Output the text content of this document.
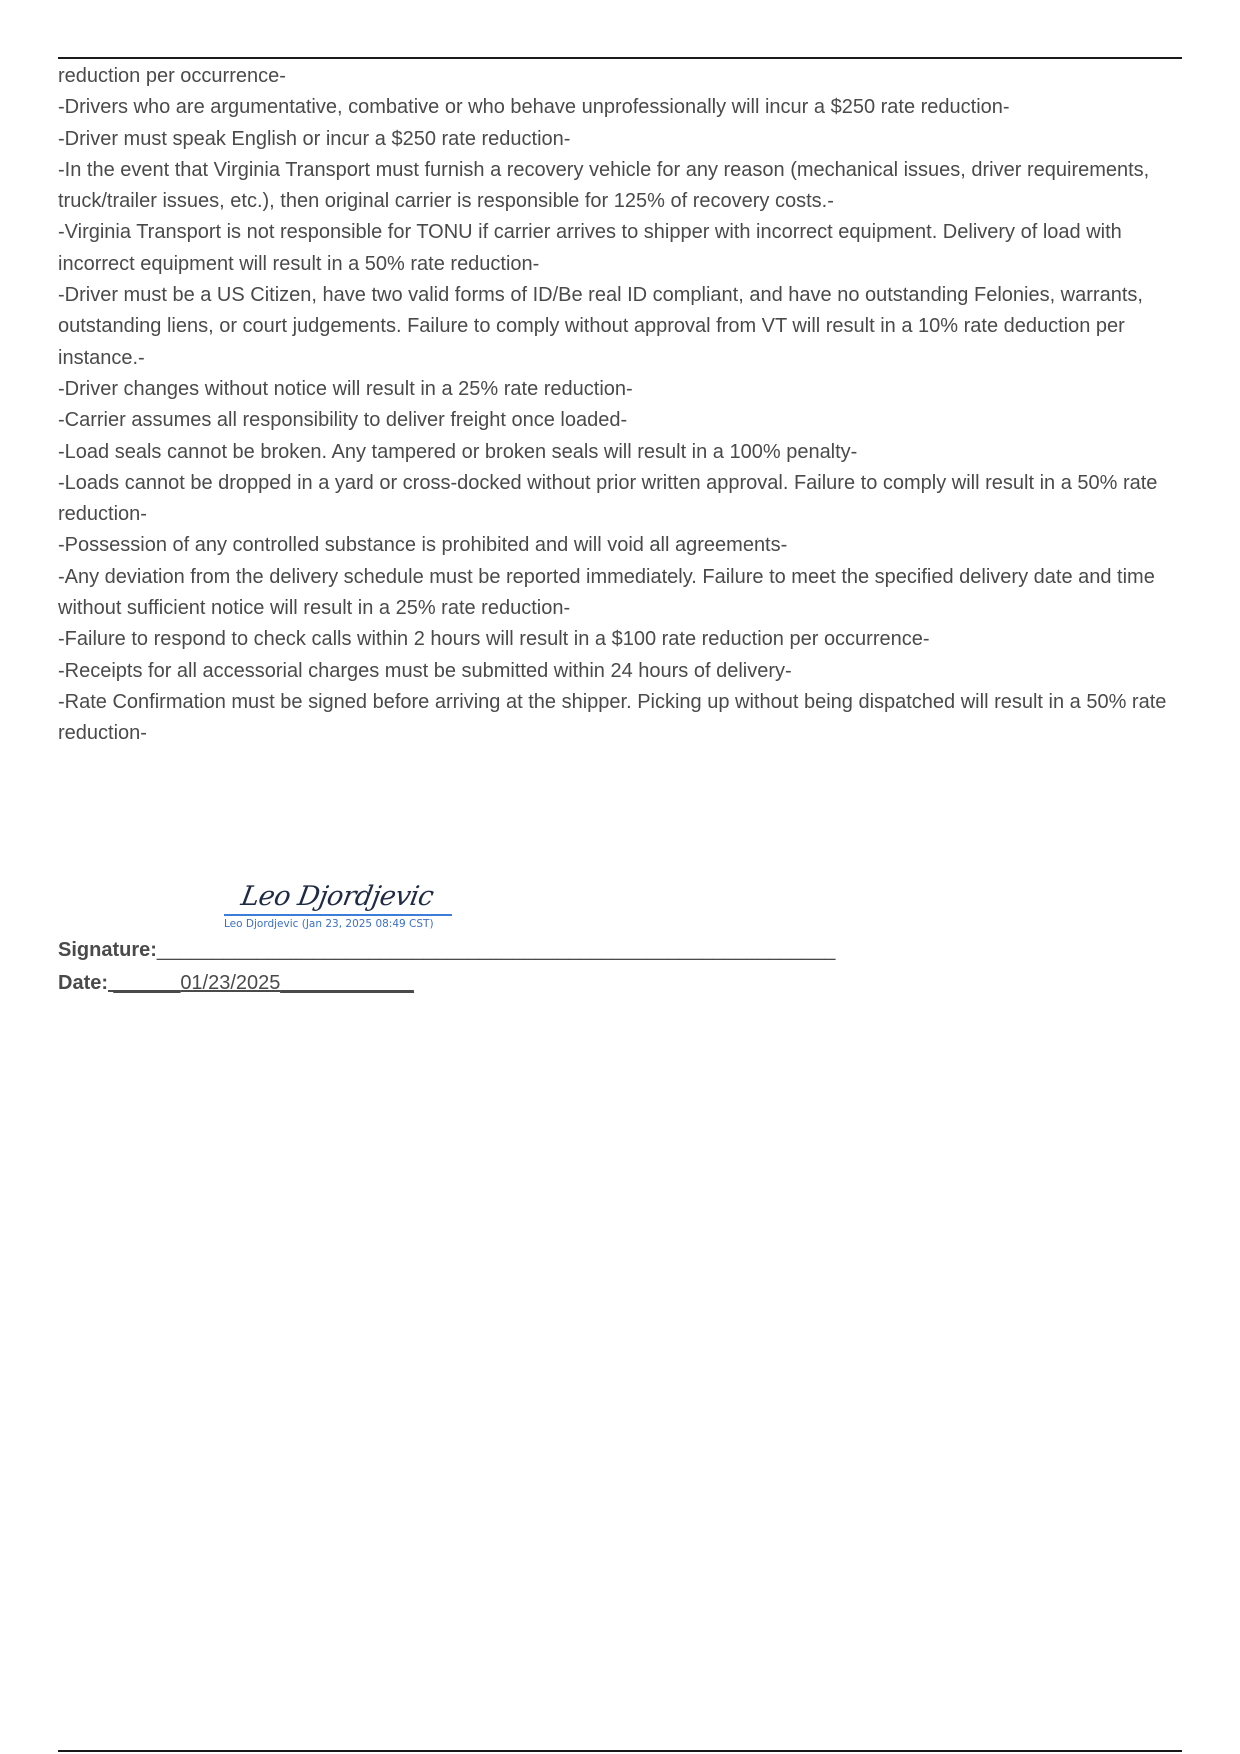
reduction per occurrence-

-Drivers who are argumentative, combative or who behave unprofessionally will incur a $250 rate reduction-

-Driver must speak English or incur a $250 rate reduction-

-In the event that Virginia Transport must furnish a recovery vehicle for any reason (mechanical issues, driver requirements, truck/trailer issues, etc.), then original carrier is responsible for 125% of recovery costs.-

-Virginia Transport is not responsible for TONU if carrier arrives to shipper with incorrect equipment. Delivery of load with incorrect equipment will result in a 50% rate reduction-

-Driver must be a US Citizen, have two valid forms of ID/Be real ID compliant, and have no outstanding Felonies, warrants, outstanding liens, or court judgements. Failure to comply without approval from VT will result in a 10% rate deduction per instance.-

-Driver changes without notice will result in a 25% rate reduction-

-Carrier assumes all responsibility to deliver freight once loaded-

-Load seals cannot be broken. Any tampered or broken seals will result in a 100% penalty-

-Loads cannot be dropped in a yard or cross-docked without prior written approval. Failure to comply will result in a 50% rate reduction-

-Possession of any controlled substance is prohibited and will void all agreements-

-Any deviation from the delivery schedule must be reported immediately. Failure to meet the specified delivery date and time without sufficient notice will result in a 25% rate reduction-

-Failure to respond to check calls within 2 hours will result in a $100 rate reduction per occurrence-

-Receipts for all accessorial charges must be submitted within 24 hours of delivery-

-Rate Confirmation must be signed before arriving at the shipper. Picking up without being dispatched will result in a 50% rate reduction-

Leo Djordjevic
Leo Djordjevic (Jan 23, 2025 08:49 CST)
Signature:_____________________________________________________________
Date: ______01/23/2025____________
